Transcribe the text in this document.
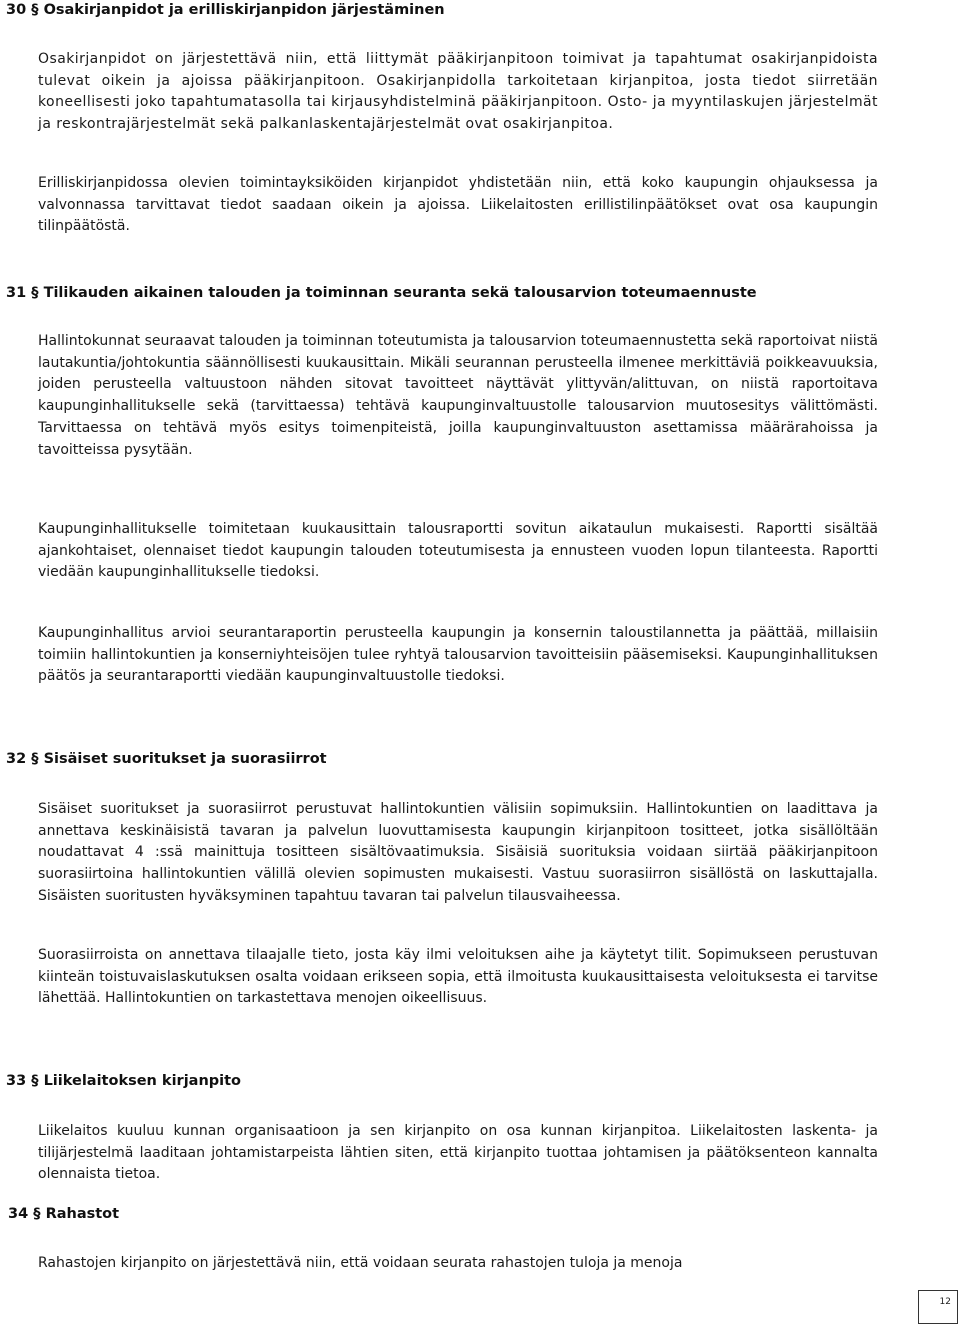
30 § Osakirjanpidot ja erilliskirjanpidon järjestäminen

Osakirjanpidot on järjestettävä niin, että liittymät pääkirjanpitoon toimivat ja tapahtumat osakirjanpidoista tulevat oikein ja ajoissa pääkirjanpitoon. Osakirjanpidolla tarkoitetaan kirjanpitoa, josta tiedot siirretään koneellisesti joko tapahtumatasolla tai kirjausyhdistelminä pääkirjanpitoon. Osto- ja myyntilaskujen järjestelmät ja reskontrajärjestelmät sekä palkanlaskentajärjestelmät ovat osakirjanpitoa.

Erilliskirjanpidossa olevien toimintayksiköiden kirjanpidot yhdistetään niin, että koko kaupungin ohjauksessa ja valvonnassa tarvittavat tiedot saadaan oikein ja ajoissa. Liikelaitosten erillistilinpäätökset ovat osa kaupungin tilinpäätöstä.

31 § Tilikauden aikainen talouden ja toiminnan seuranta sekä talousarvion toteumaennuste

Hallintokunnat seuraavat talouden ja toiminnan toteutumista ja talousarvion toteumaennustetta sekä raportoivat niistä lautakuntia/johtokuntia säännöllisesti kuukausittain. Mikäli seurannan perusteella ilmenee merkittäviä poikkeavuuksia, joiden perusteella valtuustoon nähden sitovat tavoitteet näyttävät ylittyvän/alittuvan, on niistä raportoitava kaupunginhallitukselle sekä (tarvittaessa) tehtävä kaupunginvaltuustolle talousarvion muutosesitys välittömästi. Tarvittaessa on tehtävä myös esitys toimenpiteistä, joilla kaupunginvaltuuston asettamissa määrärahoissa ja tavoitteissa pysytään.

Kaupunginhallitukselle toimitetaan kuukausittain talousraportti sovitun aikataulun mukaisesti. Raportti sisältää ajankohtaiset, olennaiset tiedot kaupungin talouden toteutumisesta ja ennusteen vuoden lopun tilanteesta. Raportti viedään kaupunginhallitukselle tiedoksi.

Kaupunginhallitus arvioi seurantaraportin perusteella kaupungin ja konsernin taloustilannetta ja päättää, millaisiin toimiin hallintokuntien ja konserniyhteisöjen tulee ryhtyä talousarvion tavoitteisiin pääsemiseksi. Kaupunginhallituksen päätös ja seurantaraportti viedään kaupunginvaltuustolle tiedoksi.

32 § Sisäiset suoritukset ja suorasiirrot

Sisäiset suoritukset ja suorasiirrot perustuvat hallintokuntien välisiin sopimuksiin. Hallintokuntien on laadittava ja annettava keskinäisistä tavaran ja palvelun luovuttamisesta kaupungin kirjanpitoon tositteet, jotka sisällöltään noudattavat 4 :ssä mainittuja tositteen sisältövaatimuksia. Sisäisiä suorituksia voidaan siirtää pääkirjanpitoon suorasiirtoina hallintokuntien välillä olevien sopimusten mukaisesti. Vastuu suorasiirron sisällöstä on laskuttajalla. Sisäisten suoritusten hyväksyminen tapahtuu tavaran tai palvelun tilausvaiheessa.

Suorasiirroista on annettava tilaajalle tieto, josta käy ilmi veloituksen aihe ja käytetyt tilit. Sopimukseen perustuvan kiinteän toistuvaislaskutuksen osalta voidaan erikseen sopia, että ilmoitusta kuukausittaisesta veloituksesta ei tarvitse lähettää. Hallintokuntien on tarkastettava menojen oikeellisuus.

33 § Liikelaitoksen kirjanpito

Liikelaitos kuuluu kunnan organisaatioon ja sen kirjanpito on osa kunnan kirjanpitoa. Liikelaitosten laskenta- ja tilijärjestelmä laaditaan johtamistarpeista lähtien siten, että kirjanpito tuottaa johtamisen ja päätöksenteon kannalta olennaista tietoa.

34 § Rahastot

Rahastojen kirjanpito on järjestettävä niin, että voidaan seurata rahastojen tuloja ja menoja

12
